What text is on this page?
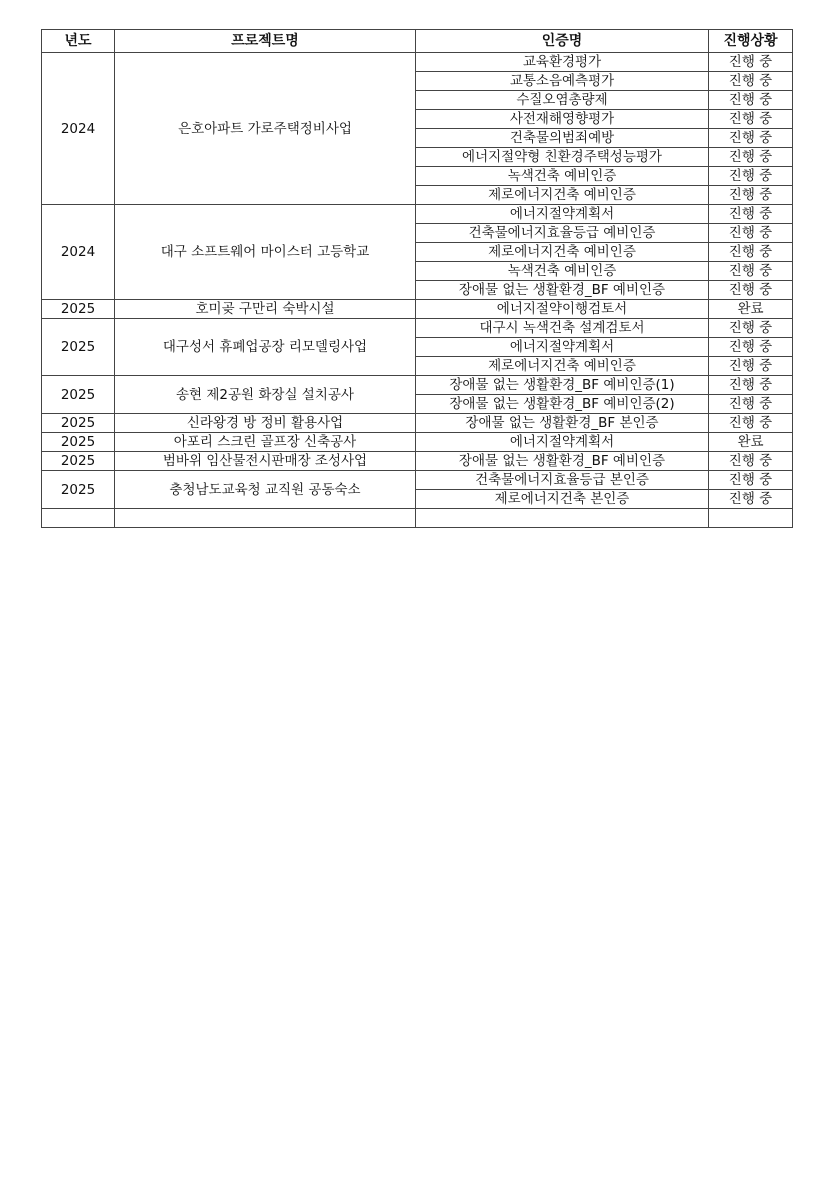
년도	프로젝트명	인증명	진행상황
2024	은호아파트 가로주택정비사업	교육환경평가	진행 중
		교통소음예측평가	진행 중
		수질오염총량제	진행 중
		사전재해영향평가	진행 중
		건축물의범죄예방	진행 중
		에너지절약형 친환경주택성능평가	진행 중
		녹색건축 예비인증	진행 중
		제로에너지건축 예비인증	진행 중
2024	대구 소프트웨어 마이스터 고등학교	에너지절약계획서	진행 중
		건축물에너지효율등급 예비인증	진행 중
		제로에너지건축 예비인증	진행 중
		녹색건축 예비인증	진행 중
		장애물 없는 생활환경_BF 예비인증	진행 중
2025	호미곶 구만리 숙박시설	에너지절약이행검토서	완료
2025	대구성서 휴폐업공장 리모델링사업	대구시 녹색건축 설계검토서	진행 중
		에너지절약계획서	진행 중
		제로에너지건축 예비인증	진행 중
2025	송현 제2공원 화장실 설치공사	장애물 없는 생활환경_BF 예비인증(1)	진행 중
		장애물 없는 생활환경_BF 예비인증(2)	진행 중
2025	신라왕경 방 정비 활용사업	장애물 없는 생활환경_BF 본인증	진행 중
2025	아포리 스크린 골프장 신축공사	에너지절약계획서	완료
2025	범바위 임산물전시판매장 조성사업	장애물 없는 생활환경_BF 예비인증	진행 중
2025	충청남도교육청 교직원 공동숙소	건축물에너지효율등급 본인증	진행 중
		제로에너지건축 본인증	진행 중
